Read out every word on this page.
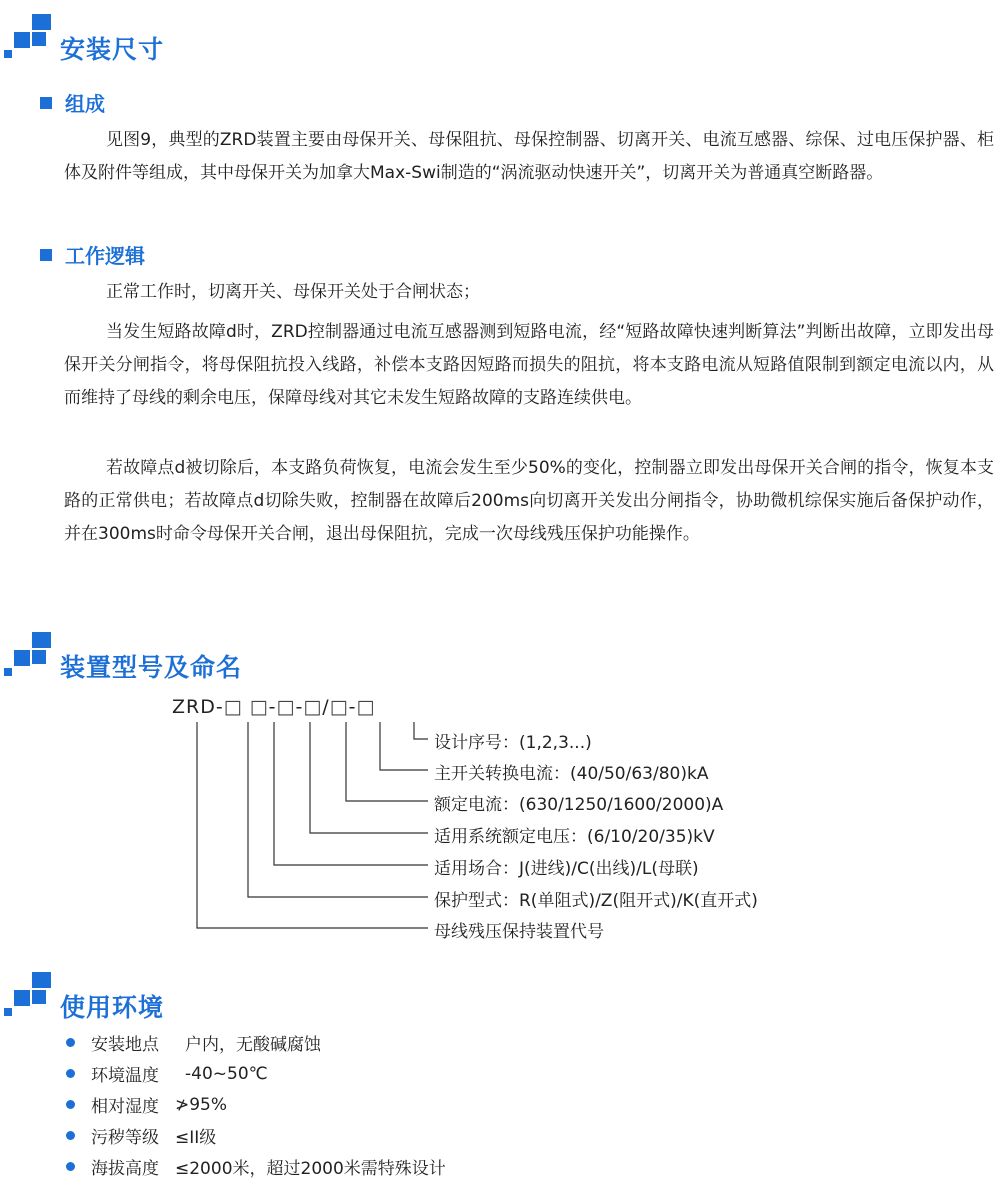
安装尺寸
组成

见图9，典型的ZRD装置主要由母保开关、母保阻抗、母保控制器、切离开关、电流互感器、综保、过电压保护器、柜体及附件等组成，其中母保开关为加拿大Max-Swi制造的“涡流驱动快速开关”，切离开关为普通真空断路器。

工作逻辑

正常工作时，切离开关、母保开关处于合闸状态；

当发生短路故障d时，ZRD控制器通过电流互感器测到短路电流，经“短路故障快速判断算法”判断出故障，立即发出母保开关分闸指令，将母保阻抗投入线路，补偿本支路因短路而损失的阻抗，将本支路电流从短路值限制到额定电流以内，从而维持了母线的剩余电压，保障母线对其它未发生短路故障的支路连续供电。

若故障点d被切除后，本支路负荷恢复，电流会发生至少50%的变化，控制器立即发出母保开关合闸的指令，恢复本支路的正常供电；若故障点d切除失败，控制器在故障后200ms向切离开关发出分闸指令，协助微机综保实施后备保护动作，并在300ms时命令母保开关合闸，退出母保阻抗，完成一次母线残压保护功能操作。

装置型号及命名
ZRD-□ □-□-□/□-□
设计序号：(1,2,3...)
主开关转换电流：(40/50/63/80)kA
额定电流：(630/1250/1600/2000)A
适用系统额定电压：(6/10/20/35)kV
适用场合：J(进线)/C(出线)/L(母联)
保护型式：R(单阻式)/Z(阻开式)/K(直开式)
母线残压保持装置代号
使用环境
安装地点	户内，无酸碱腐蚀
环境温度	-40~50℃
相对湿度 ≯95%
污秽等级 ≤II级
海拔高度 ≤2000米，超过2000米需特殊设计
